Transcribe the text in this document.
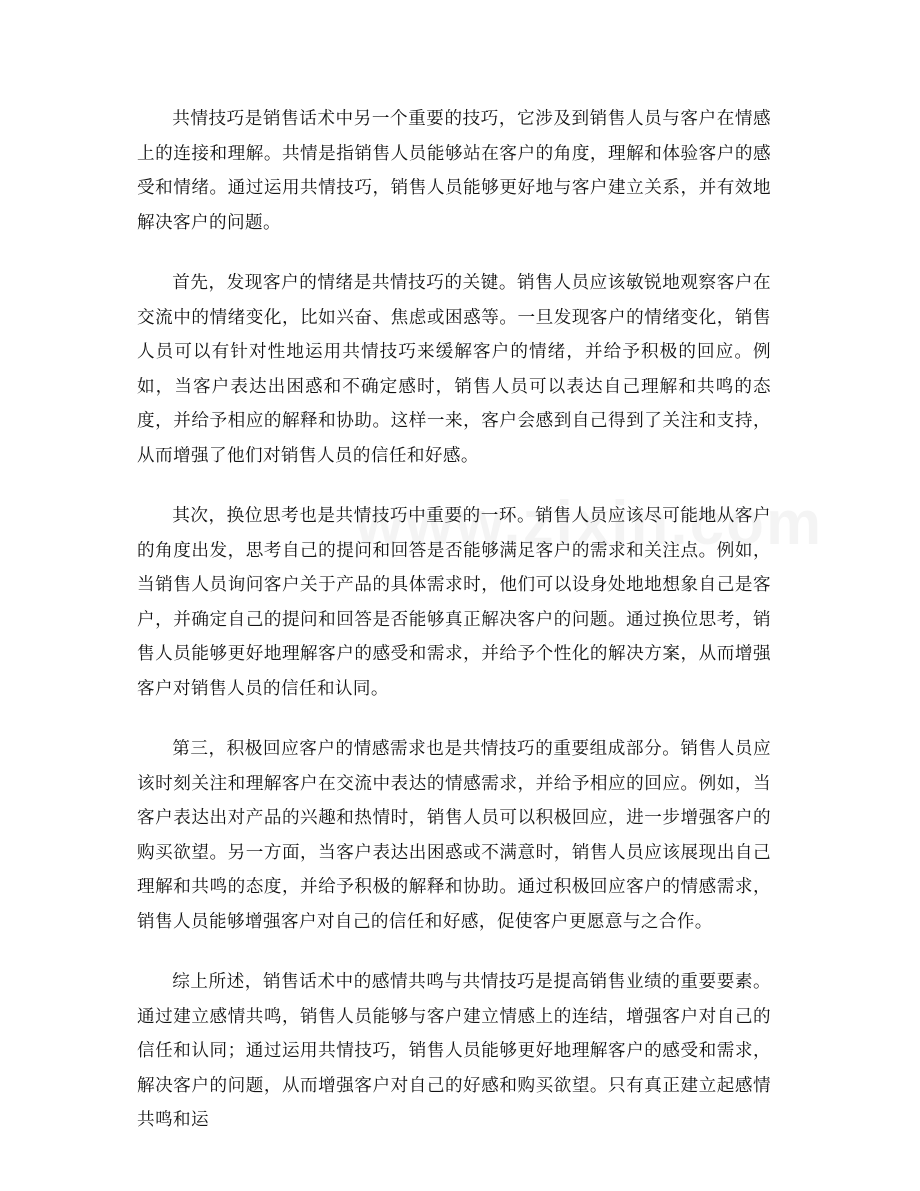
共情技巧是销售话术中另一个重要的技巧，它涉及到销售人员与客户在情感上的连接和理解。共情是指销售人员能够站在客户的角度，理解和体验客户的感受和情绪。通过运用共情技巧，销售人员能够更好地与客户建立关系，并有效地解决客户的问题。

首先，发现客户的情绪是共情技巧的关键。销售人员应该敏锐地观察客户在交流中的情绪变化，比如兴奋、焦虑或困惑等。一旦发现客户的情绪变化，销售人员可以有针对性地运用共情技巧来缓解客户的情绪，并给予积极的回应。例如，当客户表达出困惑和不确定感时，销售人员可以表达自己理解和共鸣的态度，并给予相应的解释和协助。这样一来，客户会感到自己得到了关注和支持，从而增强了他们对销售人员的信任和好感。

其次，换位思考也是共情技巧中重要的一环。销售人员应该尽可能地从客户的角度出发，思考自己的提问和回答是否能够满足客户的需求和关注点。例如，当销售人员询问客户关于产品的具体需求时，他们可以设身处地地想象自己是客户，并确定自己的提问和回答是否能够真正解决客户的问题。通过换位思考，销售人员能够更好地理解客户的感受和需求，并给予个性化的解决方案，从而增强客户对销售人员的信任和认同。

第三，积极回应客户的情感需求也是共情技巧的重要组成部分。销售人员应该时刻关注和理解客户在交流中表达的情感需求，并给予相应的回应。例如，当客户表达出对产品的兴趣和热情时，销售人员可以积极回应，进一步增强客户的购买欲望。另一方面，当客户表达出困惑或不满意时，销售人员应该展现出自己理解和共鸣的态度，并给予积极的解释和协助。通过积极回应客户的情感需求，销售人员能够增强客户对自己的信任和好感，促使客户更愿意与之合作。

综上所述，销售话术中的感情共鸣与共情技巧是提高销售业绩的重要要素。通过建立感情共鸣，销售人员能够与客户建立情感上的连结，增强客户对自己的信任和认同；通过运用共情技巧，销售人员能够更好地理解客户的感受和需求，解决客户的问题，从而增强客户对自己的好感和购买欲望。只有真正建立起感情共鸣和运
